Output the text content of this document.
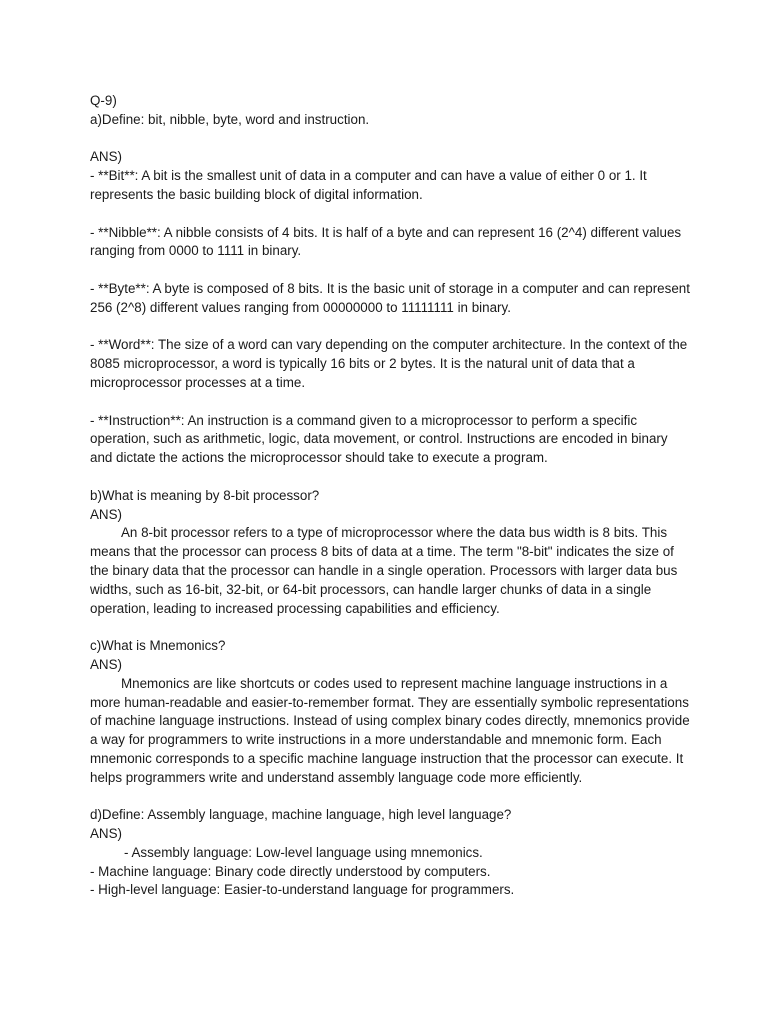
Q-9)

a)Define: bit, nibble, byte, word and instruction.

ANS)

- **Bit**: A bit is the smallest unit of data in a computer and can have a value of either 0 or 1. It represents the basic building block of digital information.

- **Nibble**: A nibble consists of 4 bits. It is half of a byte and can represent 16 (2^4) different values ranging from 0000 to 1111 in binary.

- **Byte**: A byte is composed of 8 bits. It is the basic unit of storage in a computer and can represent 256 (2^8) different values ranging from 00000000 to 11111111 in binary.

- **Word**: The size of a word can vary depending on the computer architecture. In the context of the 8085 microprocessor, a word is typically 16 bits or 2 bytes. It is the natural unit of data that a microprocessor processes at a time.

- **Instruction**: An instruction is a command given to a microprocessor to perform a specific operation, such as arithmetic, logic, data movement, or control. Instructions are encoded in binary and dictate the actions the microprocessor should take to execute a program.

b)What is meaning by 8-bit processor?

ANS)

An 8-bit processor refers to a type of microprocessor where the data bus width is 8 bits. This means that the processor can process 8 bits of data at a time. The term "8-bit" indicates the size of the binary data that the processor can handle in a single operation. Processors with larger data bus widths, such as 16-bit, 32-bit, or 64-bit processors, can handle larger chunks of data in a single operation, leading to increased processing capabilities and efficiency.

c)What is Mnemonics?

ANS)

Mnemonics are like shortcuts or codes used to represent machine language instructions in a more human-readable and easier-to-remember format. They are essentially symbolic representations of machine language instructions. Instead of using complex binary codes directly, mnemonics provide a way for programmers to write instructions in a more understandable and mnemonic form. Each mnemonic corresponds to a specific machine language instruction that the processor can execute. It helps programmers write and understand assembly language code more efficiently.

d)Define: Assembly language, machine language, high level language?

ANS)

- Assembly language: Low-level language using mnemonics.

- Machine language: Binary code directly understood by computers.

- High-level language: Easier-to-understand language for programmers.
